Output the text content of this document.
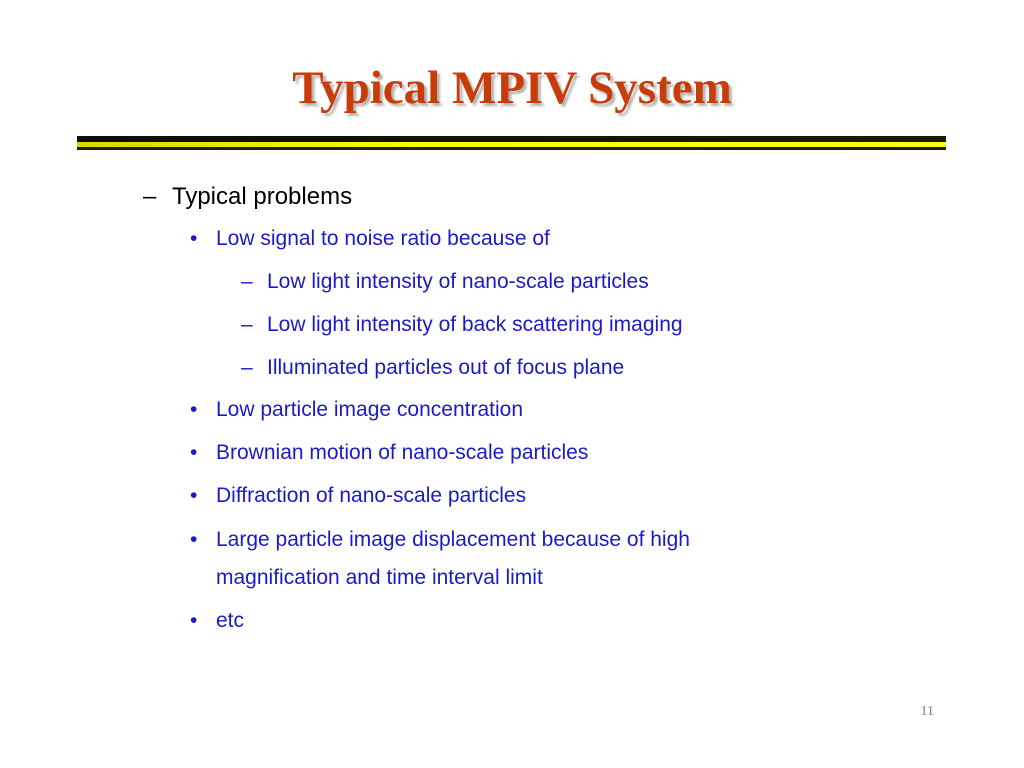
Typical MPIV System
– Typical problems
• Low signal to noise ratio because of
– Low light intensity of nano-scale particles
– Low light intensity of back scattering imaging
– Illuminated particles out of focus plane
• Low particle image concentration
• Brownian motion of nano-scale particles
• Diffraction of nano-scale particles
• Large particle image displacement because of high magnification and time interval limit
• etc
11
